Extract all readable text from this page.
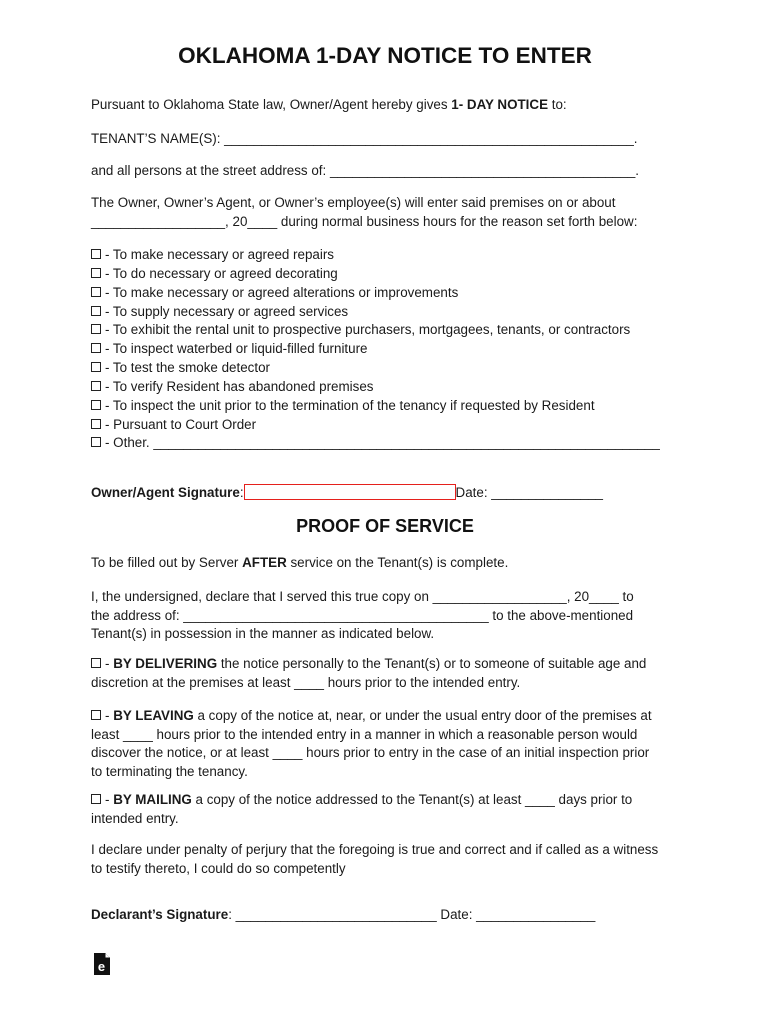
OKLAHOMA 1-DAY NOTICE TO ENTER
Pursuant to Oklahoma State law, Owner/Agent hereby gives 1- DAY NOTICE to:
TENANT’S NAME(S): _______________________________________________________.
and all persons at the street address of: _________________________________________.
The Owner, Owner’s Agent, or Owner’s employee(s) will enter said premises on or about
__________________, 20____ during normal business hours for the reason set forth below:
- To make necessary or agreed repairs
- To do necessary or agreed decorating
- To make necessary or agreed alterations or improvements
- To supply necessary or agreed services
- To exhibit the rental unit to prospective purchasers, mortgagees, tenants, or contractors
- To inspect waterbed or liquid-filled furniture
- To test the smoke detector
- To verify Resident has abandoned premises
- To inspect the unit prior to the termination of the tenancy if requested by Resident
- Pursuant to Court Order
- Other. ____________________________________________________________________
Owner/Agent Signature:	Date: _______________
PROOF OF SERVICE
To be filled out by Server AFTER service on the Tenant(s) is complete.
I, the undersigned, declare that I served this true copy on __________________, 20____ to
the address of: _________________________________________ to the above-mentioned
Tenant(s) in possession in the manner as indicated below.
- BY DELIVERING the notice personally to the Tenant(s) or to someone of suitable age and
discretion at the premises at least ____ hours prior to the intended entry.
- BY LEAVING a copy of the notice at, near, or under the usual entry door of the premises at
least ____ hours prior to the intended entry in a manner in which a reasonable person would
discover the notice, or at least ____ hours prior to entry in the case of an initial inspection prior
to terminating the tenancy.
- BY MAILING a copy of the notice addressed to the Tenant(s) at least ____ days prior to
intended entry.
I declare under penalty of perjury that the foregoing is true and correct and if called as a witness
to testify thereto, I could do so competently
Declarant’s Signature: ___________________________ Date: ________________
e
